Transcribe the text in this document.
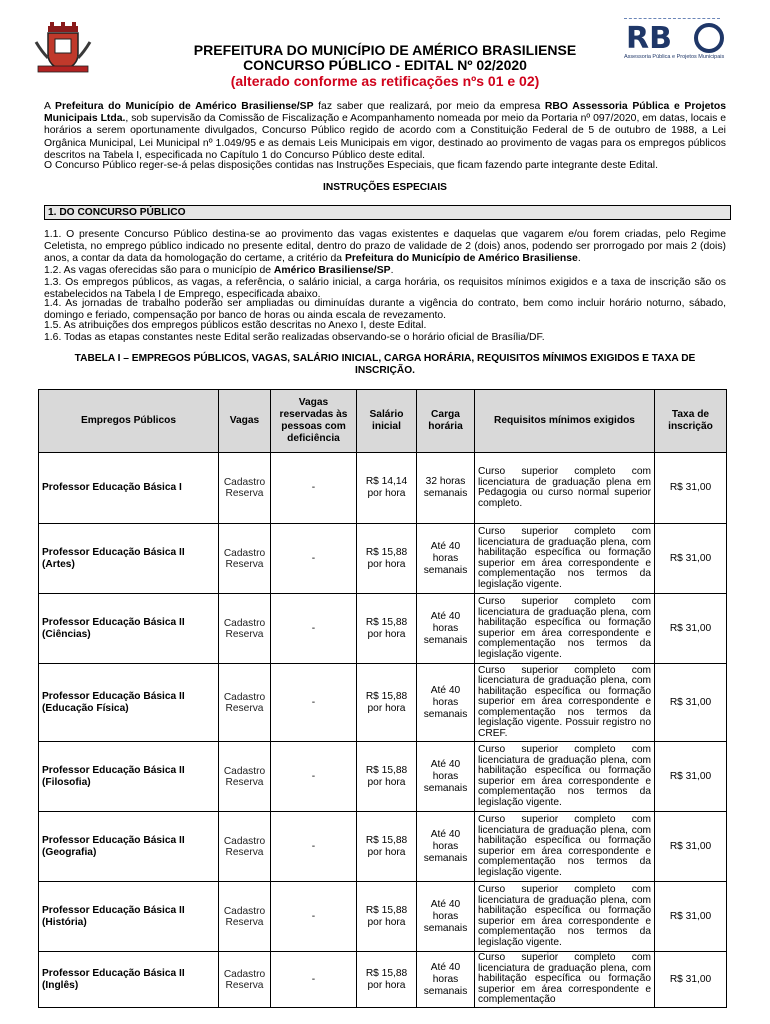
RB
Assessoria Pública e Projetos Municipais
PREFEITURA DO MUNICÍPIO DE AMÉRICO BRASILIENSE
CONCURSO PÚBLICO - EDITAL Nº 02/2020
(alterado conforme as retificações nºs 01 e 02)
A Prefeitura do Município de Américo Brasiliense/SP faz saber que realizará, por meio da empresa RBO Assessoria Pública e Projetos Municipais Ltda., sob supervisão da Comissão de Fiscalização e Acompanhamento nomeada por meio da Portaria nº 097/2020, em datas, locais e horários a serem oportunamente divulgados, Concurso Público regido de acordo com a Constituição Federal de 5 de outubro de 1988, a Lei Orgânica Municipal, Lei Municipal nº 1.049/95 e as demais Leis Municipais em vigor, destinado ao provimento de vagas para os empregos públicos descritos na Tabela I, especificada no Capítulo 1 do Concurso Público deste edital.
O Concurso Público reger-se-á pelas disposições contidas nas Instruções Especiais, que ficam fazendo parte integrante deste Edital.
INSTRUÇÕES ESPECIAIS
1. DO CONCURSO PÚBLICO
1.1. O presente Concurso Público destina-se ao provimento das vagas existentes e daquelas que vagarem e/ou forem criadas, pelo Regime Celetista, no emprego público indicado no presente edital, dentro do prazo de validade de 2 (dois) anos, podendo ser prorrogado por mais 2 (dois) anos, a contar da data da homologação do certame, a critério da Prefeitura do Município de Américo Brasiliense.
1.2. As vagas oferecidas são para o município de Américo Brasiliense/SP.
1.3. Os empregos públicos, as vagas, a referência, o salário inicial, a carga horária, os requisitos mínimos exigidos e a taxa de inscrição são os estabelecidos na Tabela I de Emprego, especificada abaixo.
1.4. As jornadas de trabalho poderão ser ampliadas ou diminuídas durante a vigência do contrato, bem como incluir horário noturno, sábado, domingo e feriado, compensação por banco de horas ou ainda escala de revezamento.
1.5. As atribuições dos empregos públicos estão descritas no Anexo I, deste Edital.
1.6. Todas as etapas constantes neste Edital serão realizadas observando-se o horário oficial de Brasília/DF.
TABELA I – EMPREGOS PÚBLICOS, VAGAS, SALÁRIO INICIAL, CARGA HORÁRIA, REQUISITOS MÍNIMOS EXIGIDOS E TAXA DE INSCRIÇÃO.
Empregos Públicos	Vagas	Vagas reservadas às pessoas com deficiência	Salário inicial	Carga horária	Requisitos mínimos exigidos	Taxa de inscrição
Professor Educação Básica I	Cadastro Reserva	-	R$ 14,14 por hora	32 horas semanais	Curso superior completo com licenciatura de graduação plena em Pedagogia ou curso normal superior completo.	R$ 31,00
Professor Educação Básica II (Artes)	Cadastro Reserva	-	R$ 15,88 por hora	Até 40 horas semanais	Curso superior completo com licenciatura de graduação plena, com habilitação específica ou formação superior em área correspondente e complementação nos termos da legislação vigente.	R$ 31,00
Professor Educação Básica II (Ciências)	Cadastro Reserva	-	R$ 15,88 por hora	Até 40 horas semanais	Curso superior completo com licenciatura de graduação plena, com habilitação específica ou formação superior em área correspondente e complementação nos termos da legislação vigente.	R$ 31,00
Professor Educação Básica II (Educação Física)	Cadastro Reserva	-	R$ 15,88 por hora	Até 40 horas semanais	Curso superior completo com licenciatura de graduação plena, com habilitação específica ou formação superior em área correspondente e complementação nos termos da legislação vigente. Possuir registro no CREF.	R$ 31,00
Professor Educação Básica II (Filosofia)	Cadastro Reserva	-	R$ 15,88 por hora	Até 40 horas semanais	Curso superior completo com licenciatura de graduação plena, com habilitação específica ou formação superior em área correspondente e complementação nos termos da legislação vigente.	R$ 31,00
Professor Educação Básica II (Geografia)	Cadastro Reserva	-	R$ 15,88 por hora	Até 40 horas semanais	Curso superior completo com licenciatura de graduação plena, com habilitação específica ou formação superior em área correspondente e complementação nos termos da legislação vigente.	R$ 31,00
Professor Educação Básica II (História)	Cadastro Reserva	-	R$ 15,88 por hora	Até 40 horas semanais	Curso superior completo com licenciatura de graduação plena, com habilitação específica ou formação superior em área correspondente e complementação nos termos da legislação vigente.	R$ 31,00
Professor Educação Básica II (Inglês)	Cadastro Reserva	-	R$ 15,88 por hora	Até 40 horas semanais	Curso superior completo com licenciatura de graduação plena, com habilitação específica ou formação superior em área correspondente e complementação	R$ 31,00
